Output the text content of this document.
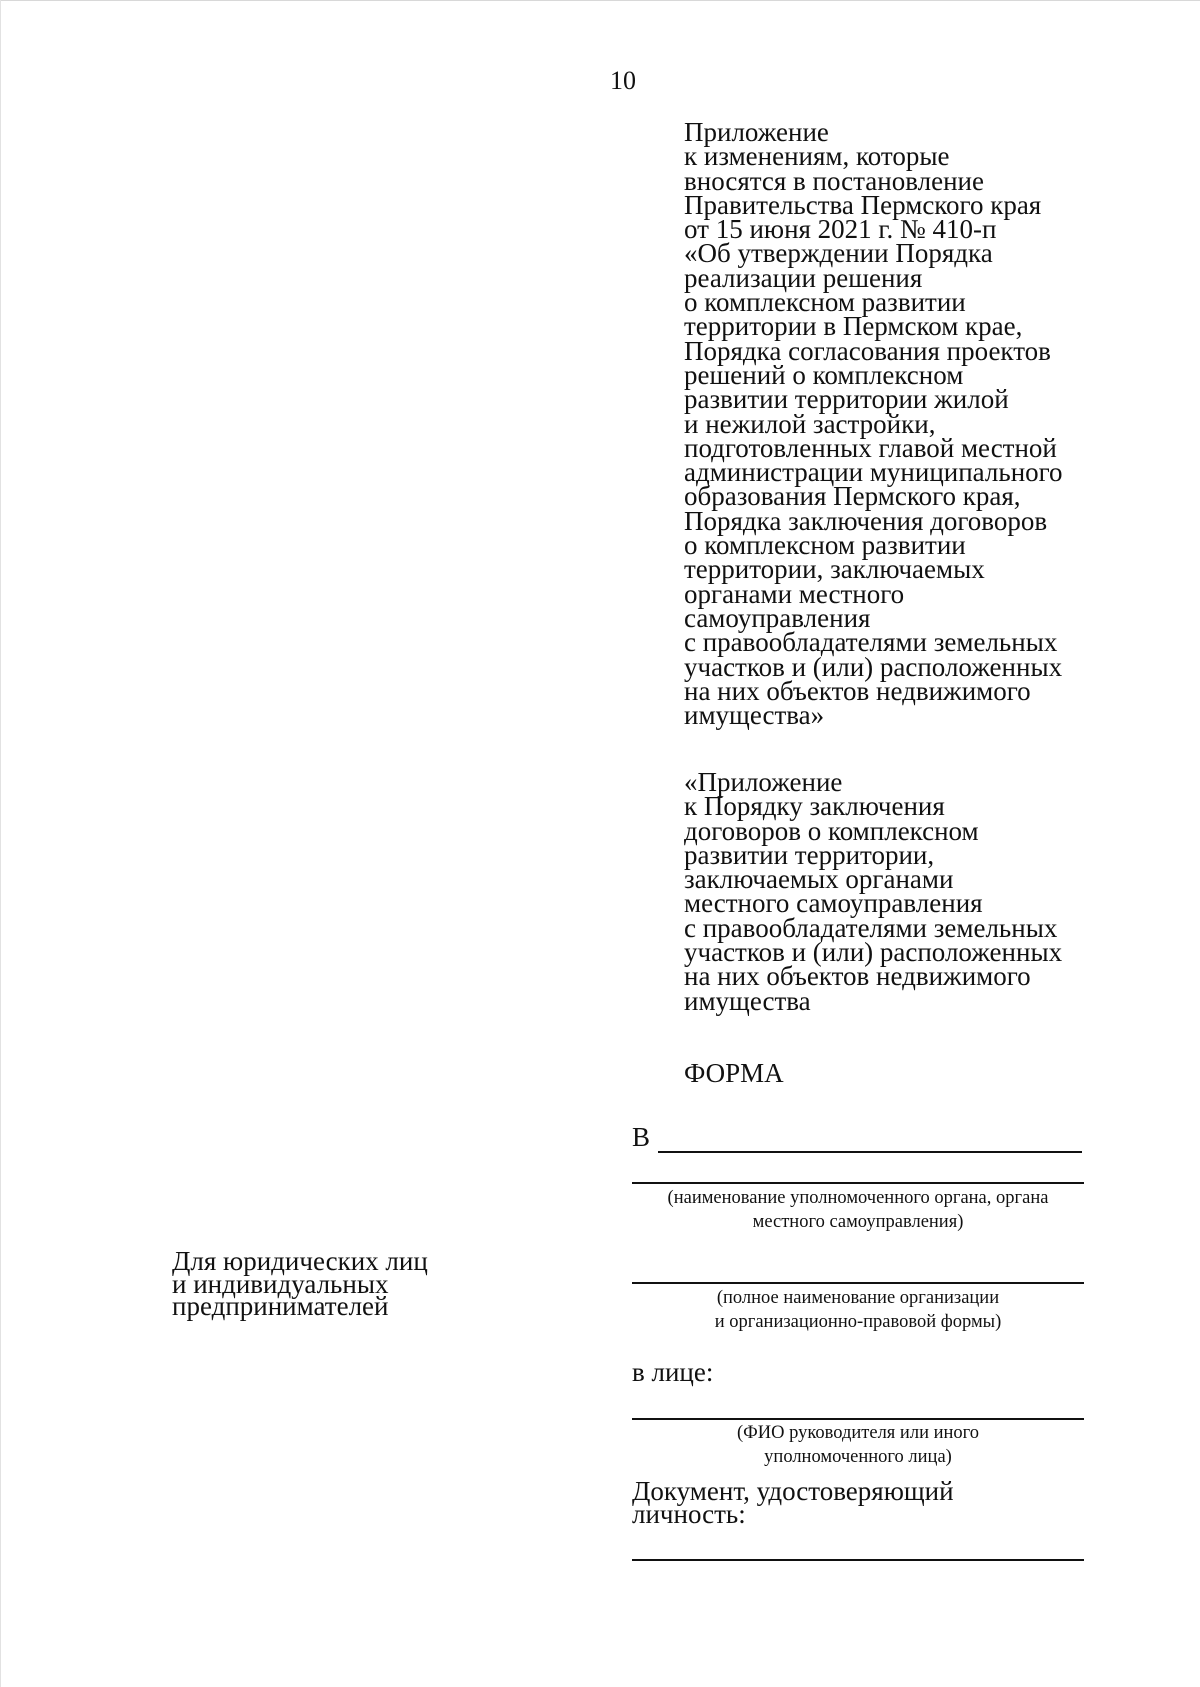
10
Приложение
к изменениям, которые
вносятся в постановление
Правительства Пермского края
от 15 июня 2021 г. № 410-п
«Об утверждении Порядка
реализации решения
о комплексном развитии
территории в Пермском крае,
Порядка согласования проектов
решений о комплексном
развитии территории жилой
и нежилой застройки,
подготовленных главой местной
администрации муниципального
образования Пермского края,
Порядка заключения договоров
о комплексном развитии
территории, заключаемых
органами местного
самоуправления
с правообладателями земельных
участков и (или) расположенных
на них объектов недвижимого
имущества»
«Приложение
к Порядку заключения
договоров о комплексном
развитии территории,
заключаемых органами
местного самоуправления
с правообладателями земельных
участков и (или) расположенных
на них объектов недвижимого
имущества
ФОРМА
В
(наименование уполномоченного органа, органа
местного самоуправления)
Для юридических лиц
и индивидуальных
предпринимателей	(полное наименование организации
и организационно-правовой формы)
в лице:
(ФИО руководителя или иного
уполномоченного лица)
Документ, удостоверяющий
личность:
